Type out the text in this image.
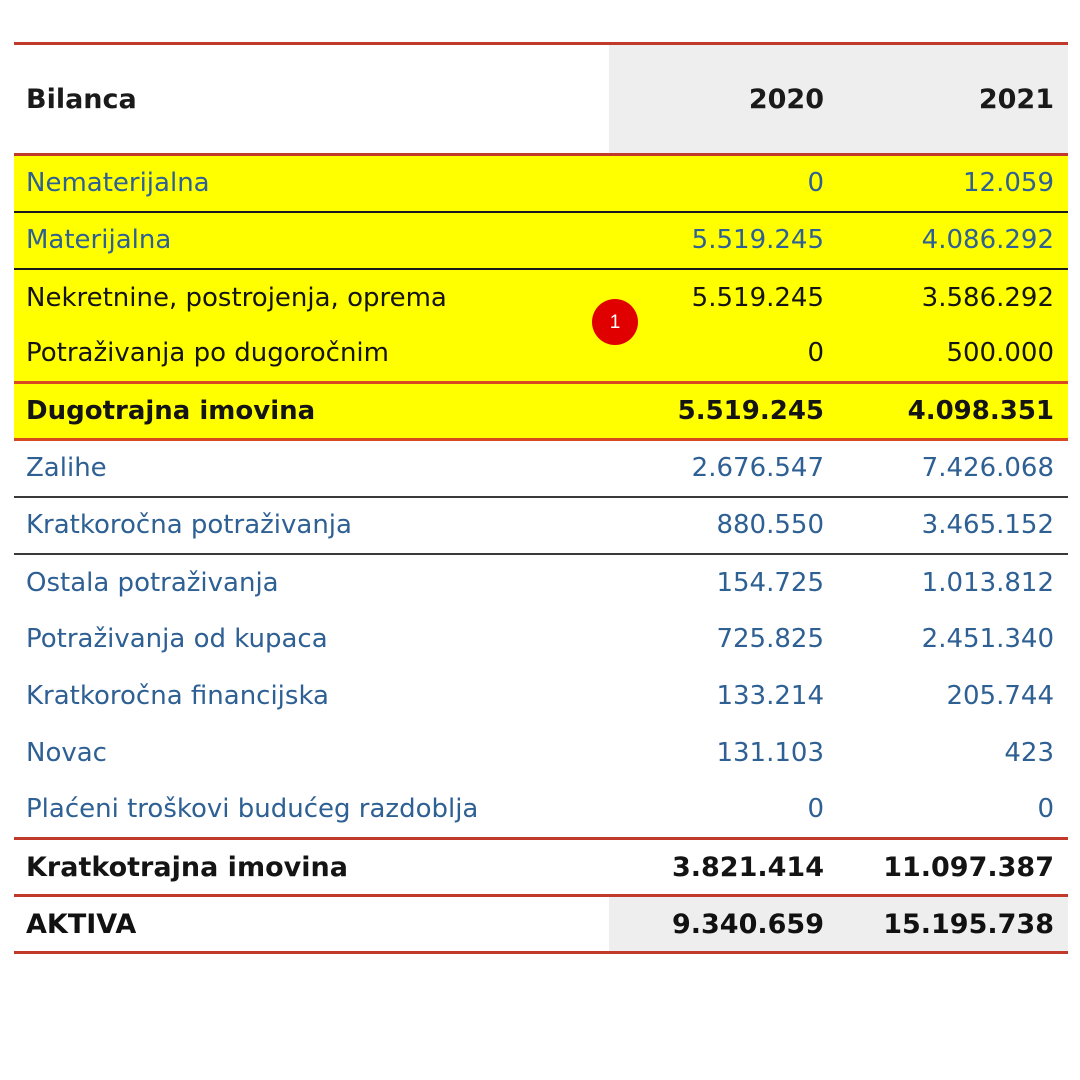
Bilanca	2020	2021
Nematerijalna	0	12.059
Materijalna	5.519.245	4.086.292
Nekretnine, postrojenja, oprema	5.519.245	3.586.292
Potraživanja po dugoročnim	0	500.000
Dugotrajna imovina	5.519.245	4.098.351
Zalihe	2.676.547	7.426.068
Kratkoročna potraživanja	880.550	3.465.152
Ostala potraživanja	154.725	1.013.812
Potraživanja od kupaca	725.825	2.451.340
Kratkoročna financijska	133.214	205.744
Novac	131.103	423
Plaćeni troškovi budućeg razdoblja	0	0
Kratkotrajna imovina	3.821.414	11.097.387
AKTIVA	9.340.659	15.195.738
1
